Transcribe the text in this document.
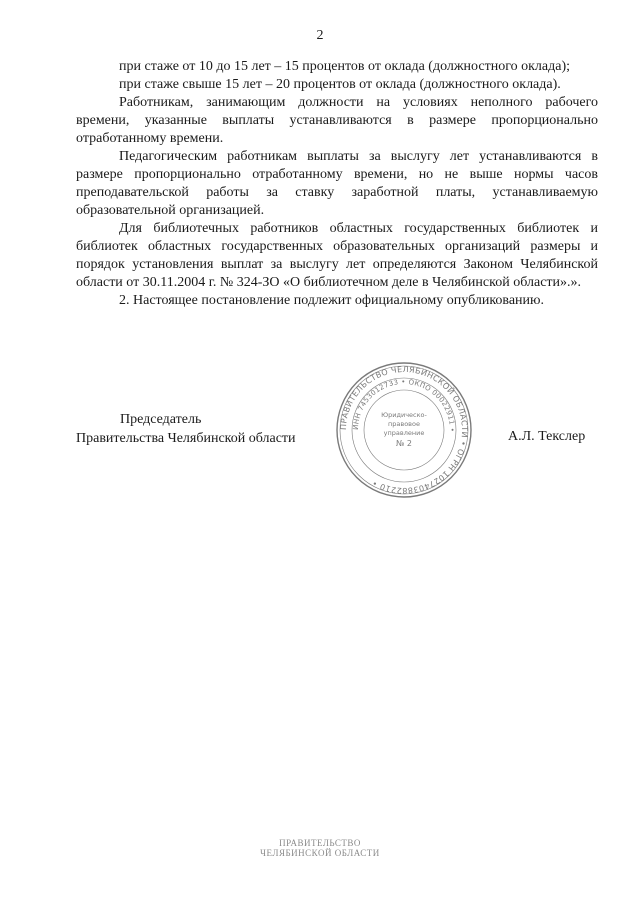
2

при стаже от 10 до 15 лет – 15 процентов от оклада (должностного оклада);

при стаже свыше 15 лет – 20 процентов от оклада (должностного оклада).

Работникам, занимающим должности на условиях неполного рабочего времени, указанные выплаты устанавливаются в размере пропорционально отработанному времени.

Педагогическим работникам выплаты за выслугу лет устанавливаются в размере пропорционально отработанному времени, но не выше нормы часов преподавательской работы за ставку заработной платы, устанавливаемую образовательной организацией.

Для библиотечных работников областных государственных библиотек и библиотек областных государственных образовательных организаций размеры и порядок установления выплат за выслугу лет определяются Законом Челябинской области от 30.11.2004 г. № 324-ЗО «О библиотечном деле в Челябинской области».».

2. Настоящее постановление подлежит официальному опубликованию.

Председатель
Правительства Челябинской области	А.Л. Текслер
ПРАВИТЕЛЬСТВО ЧЕЛЯБИНСКОЙ ОБЛАСТИ • ОГРН 1027403882210 •
ИНН 7453012733 • ОКПО 00022911 •
Юридическо-
правовое
управление
№ 2
ПРАВИТЕЛЬСТВО
ЧЕЛЯБИНСКОЙ ОБЛАСТИ
